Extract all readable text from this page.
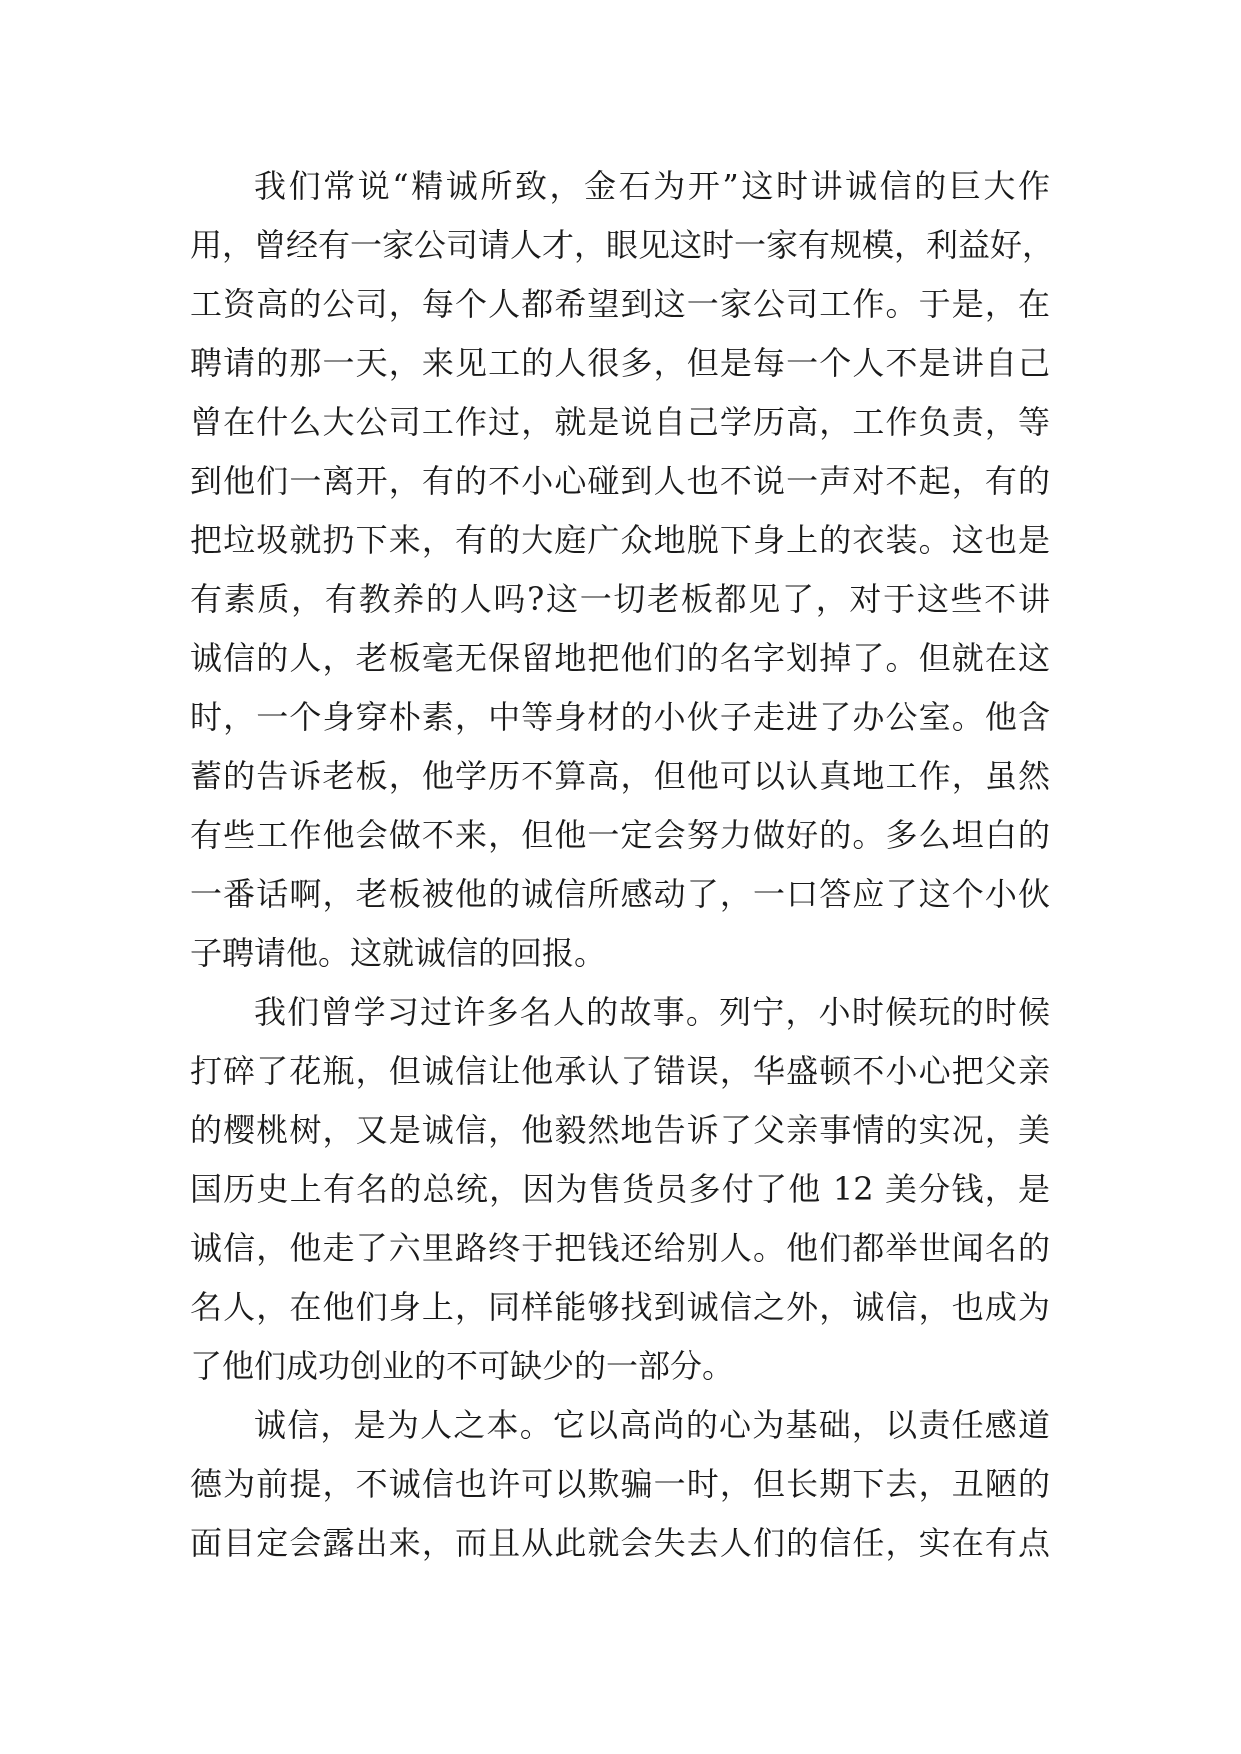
我们常说“精诚所致，金石为开”这时讲诚信的巨大作
用，曾经有一家公司请人才，眼见这时一家有规模，利益好，
工资高的公司，每个人都希望到这一家公司工作。于是，在
聘请的那一天，来见工的人很多，但是每一个人不是讲自己
曾在什么大公司工作过，就是说自己学历高，工作负责，等
到他们一离开，有的不小心碰到人也不说一声对不起，有的
把垃圾就扔下来，有的大庭广众地脱下身上的衣装。这也是
有素质，有教养的人吗?这一切老板都见了，对于这些不讲
诚信的人，老板毫无保留地把他们的名字划掉了。但就在这
时，一个身穿朴素，中等身材的小伙子走进了办公室。他含
蓄的告诉老板，他学历不算高，但他可以认真地工作，虽然
有些工作他会做不来，但他一定会努力做好的。多么坦白的
一番话啊，老板被他的诚信所感动了，一口答应了这个小伙
子聘请他。这就诚信的回报。
我们曾学习过许多名人的故事。列宁，小时候玩的时候
打碎了花瓶，但诚信让他承认了错误，华盛顿不小心把父亲
的樱桃树，又是诚信，他毅然地告诉了父亲事情的实况，美
国历史上有名的总统，因为售货员多付了他 12 美分钱，是
诚信，他走了六里路终于把钱还给别人。他们都举世闻名的
名人，在他们身上，同样能够找到诚信之外，诚信，也成为
了他们成功创业的不可缺少的一部分。
诚信，是为人之本。它以高尚的心为基础，以责任感道
德为前提，不诚信也许可以欺骗一时，但长期下去，丑陋的
面目定会露出来，而且从此就会失去人们的信任，实在有点
